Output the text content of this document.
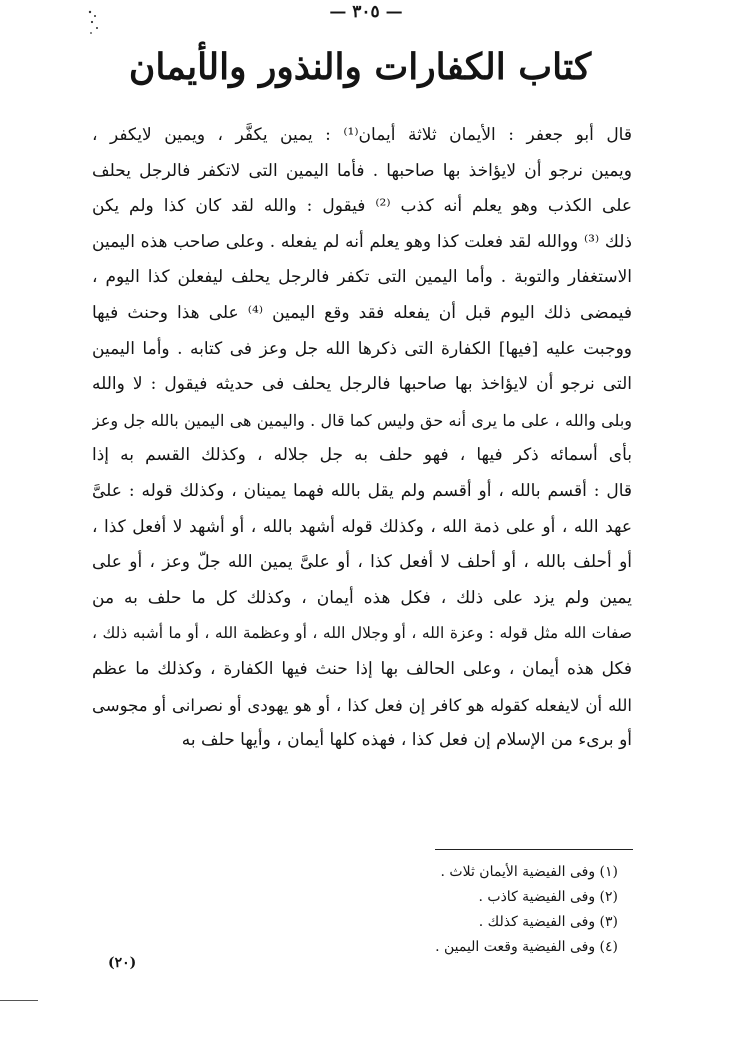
— ٣٠٥ —
كتاب الكفارات والنذور والأيمان
قال أبو جعفر : الأيمان ثلاثة أيمان⁽¹⁾ : يمين يكفَّر ، ويمين لايكفر ،
ويمين نرجو أن لايؤاخذ بها صاحبها . فأما اليمين التى لاتكفر فالرجل يحلف
على الكذب وهو يعلم أنه كذب ⁽²⁾ فيقول : والله لقد كان كذا ولم يكن
ذلك ⁽³⁾ ووالله لقد فعلت كذا وهو يعلم أنه لم يفعله . وعلى صاحب هذه اليمين
الاستغفار والتوبة . وأما اليمين التى تكفر فالرجل يحلف ليفعلن كذا اليوم ،
فيمضى ذلك اليوم قبل أن يفعله فقد وقع اليمين ⁽⁴⁾ على هذا وحنث فيها
ووجبت عليه [فيها] الكفارة التى ذكرها الله جل وعز فى كتابه . وأما اليمين
التى نرجو أن لايؤاخذ بها صاحبها فالرجل يحلف فى حديثه فيقول : لا والله
وبلى والله ، على ما يرى أنه حق وليس كما قال . واليمين هى اليمين بالله جل وعز
بأى أسمائه ذكر فيها ، فهو حلف به جل جلاله ، وكذلك القسم به إذا
قال : أقسم بالله ، أو أقسم ولم يقل بالله فهما يمينان ، وكذلك قوله : علىَّ
عهد الله ، أو على ذمة الله ، وكذلك قوله أشهد بالله ، أو أشهد لا أفعل كذا ،
أو أحلف بالله ، أو أحلف لا أفعل كذا ، أو علىَّ يمين الله جلّ وعز ، أو على
يمين ولم يزد على ذلك ، فكل هذه أيمان ، وكذلك كل ما حلف به من
صفات الله مثل قوله : وعزة الله ، أو وجلال الله ، أو وعظمة الله ، أو ما أشبه ذلك ،
فكل هذه أيمان ، وعلى الحالف بها إذا حنث فيها الكفارة ، وكذلك ما عظم
الله أن لايفعله كقوله هو كافر إن فعل كذا ، أو هو يهودى أو نصرانى أو مجوسى
أو برىء من الإسلام إن فعل كذا ، فهذه كلها أيمان ، وأيها حلف به
(١) وفى الفيضية الأيمان ثلاث .
(٢) وفى الفيضية كاذب .
(٣) وفى الفيضية كذلك .
(٤) وفى الفيضية وقعت اليمين .
(٢٠)
